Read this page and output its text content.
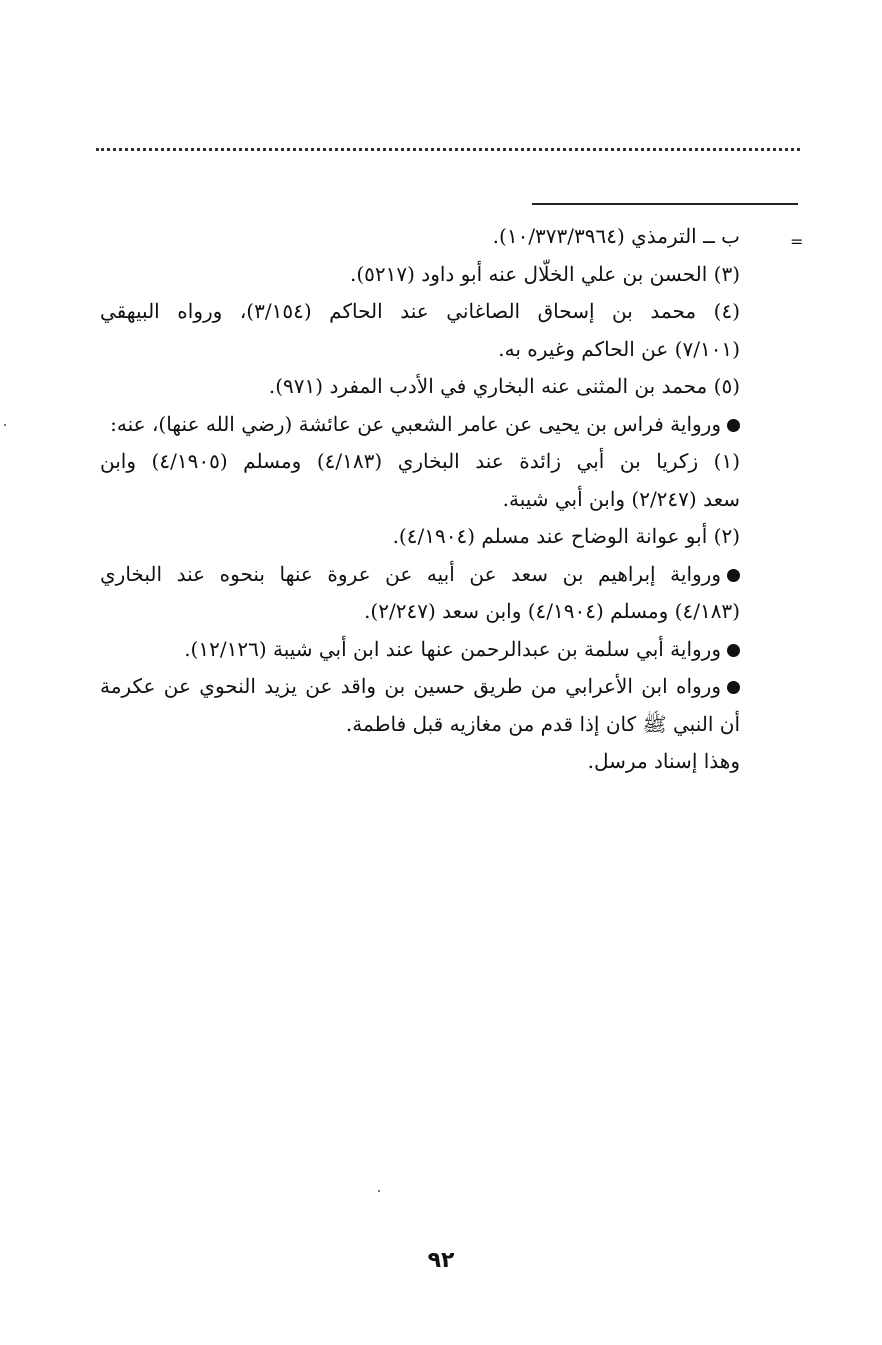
=
ب ــ الترمذي (١٠/٣٧٣/٣٩٦٤).
(٣) الحسن بن علي الخلّال عنه أبو داود (٥٢١٧).
(٤) محمد بن إسحاق الصاغاني عند الحاكم (٣/١٥٤)، ورواه البيهقي
(٧/١٠١) عن الحاكم وغيره به.
(٥) محمد بن المثنى عنه البخاري في الأدب المفرد (٩٧١).
ورواية فراس بن يحيى عن عامر الشعبي عن عائشة (رضي الله عنها)، عنه:
(١) زكريا بن أبي زائدة عند البخاري (٤/١٨٣) ومسلم (٤/١٩٠٥) وابن
سعد (٢/٢٤٧) وابن أبي شيبة.
(٢) أبو عوانة الوضاح عند مسلم (٤/١٩٠٤).
ورواية إبراهيم بن سعد عن أبيه عن عروة عنها بنحوه عند البخاري
(٤/١٨٣) ومسلم (٤/١٩٠٤) وابن سعد (٢/٢٤٧).
ورواية أبي سلمة بن عبدالرحمن عنها عند ابن أبي شيبة (١٢/١٢٦).
ورواه ابن الأعرابي من طريق حسين بن واقد عن يزيد النحوي عن عكرمة
أن النبي ﷺ كان إذا قدم من مغازيه قبل فاطمة.
وهذا إسناد مرسل.
٩٢
